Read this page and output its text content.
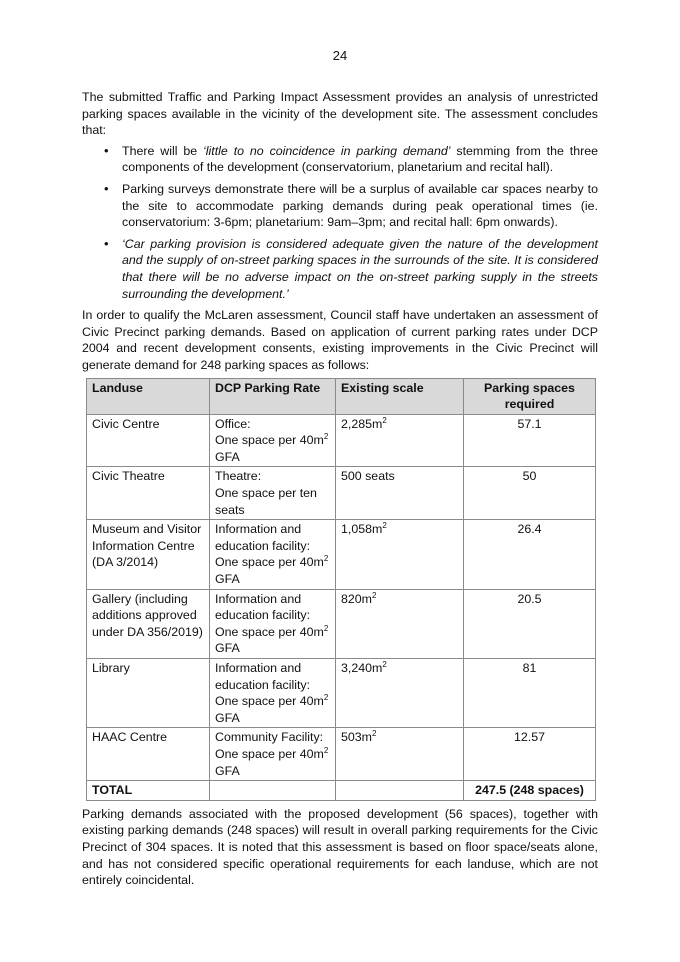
24

The submitted Traffic and Parking Impact Assessment provides an analysis of unrestricted parking spaces available in the vicinity of the development site. The assessment concludes that:

• There will be ‘little to no coincidence in parking demand’ stemming from the three components of the development (conservatorium, planetarium and recital hall).
• Parking surveys demonstrate there will be a surplus of available car spaces nearby to the site to accommodate parking demands during peak operational times (ie. conservatorium: 3-6pm; planetarium: 9am–3pm; and recital hall: 6pm onwards).
• ‘Car parking provision is considered adequate given the nature of the development and the supply of on-street parking spaces in the surrounds of the site. It is considered that there will be no adverse impact on the on-street parking supply in the streets surrounding the development.’

In order to qualify the McLaren assessment, Council staff have undertaken an assessment of Civic Precinct parking demands. Based on application of current parking rates under DCP 2004 and recent development consents, existing improvements in the Civic Precinct will generate demand for 248 parking spaces as follows:

Landuse	DCP Parking Rate	Existing scale	Parking spaces required
Civic Centre	Office:
One space per $40m^2$
GFA	$2,285m^2$	57.1
Civic Theatre	Theatre:
One space per ten seats	500 seats	50
Museum and Visitor Information Centre (DA 3/2014)	Information and education facility:
One space per $40m^2$
GFA	$1,058m^2$	26.4
Gallery (including additions approved under DA 356/2019)	Information and education facility:
One space per $40m^2$
GFA	$820m^2$	20.5
Library	Information and education facility:
One space per $40m^2$
GFA	$3,240m^2$	81
HAAC Centre	Community Facility:
One space per $40m^2$
GFA	$503m^2$	12.57
TOTAL			247.5 (248 spaces)

Parking demands associated with the proposed development (56 spaces), together with existing parking demands (248 spaces) will result in overall parking requirements for the Civic Precinct of 304 spaces. It is noted that this assessment is based on floor space/seats alone, and has not considered specific operational requirements for each landuse, which are not entirely coincidental.
